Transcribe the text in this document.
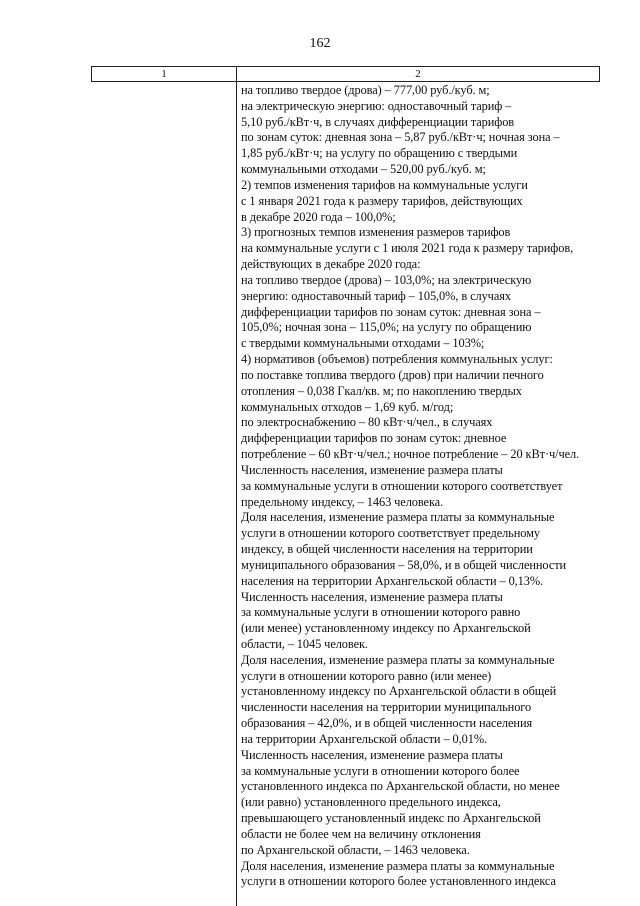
162
1	2
на топливо твердое (дрова) – 777,00 руб./куб. м;
на электрическую энергию: одноставочный тариф –
5,10 руб./кВт·ч, в случаях дифференциации тарифов
по зонам суток: дневная зона – 5,87 руб./кВт·ч; ночная зона –
1,85 руб./кВт·ч; на услугу по обращению с твердыми
коммунальными отходами – 520,00 руб./куб. м;
2) темпов изменения тарифов на коммунальные услуги
с 1 января 2021 года к размеру тарифов, действующих
в декабре 2020 года – 100,0%;
3) прогнозных темпов изменения размеров тарифов
на коммунальные услуги с 1 июля 2021 года к размеру тарифов,
действующих в декабре 2020 года:
на топливо твердое (дрова) – 103,0%; на электрическую
энергию: одноставочный тариф – 105,0%, в случаях
дифференциации тарифов по зонам суток: дневная зона –
105,0%; ночная зона – 115,0%; на услугу по обращению
с твердыми коммунальными отходами – 103%;
4) нормативов (объемов) потребления коммунальных услуг:
по поставке топлива твердого (дров) при наличии печного
отопления – 0,038 Гкал/кв. м; по накоплению твердых
коммунальных отходов – 1,69 куб. м/год;
по электроснабжению – 80 кВт·ч/чел., в случаях
дифференциации тарифов по зонам суток: дневное
потребление – 60 кВт·ч/чел.; ночное потребление – 20 кВт·ч/чел.
Численность населения, изменение размера платы
за коммунальные услуги в отношении которого соответствует
предельному индексу, – 1463 человека.
Доля населения, изменение размера платы за коммунальные
услуги в отношении которого соответствует предельному
индексу, в общей численности населения на территории
муниципального образования – 58,0%, и в общей численности
населения на территории Архангельской области – 0,13%.
Численность населения, изменение размера платы
за коммунальные услуги в отношении которого равно
(или менее) установленному индексу по Архангельской
области, – 1045 человек.
Доля населения, изменение размера платы за коммунальные
услуги в отношении которого равно (или менее)
установленному индексу по Архангельской области в общей
численности населения на территории муниципального
образования – 42,0%, и в общей численности населения
на территории Архангельской области – 0,01%.
Численность населения, изменение размера платы
за коммунальные услуги в отношении которого более
установленного индекса по Архангельской области, но менее
(или равно) установленного предельного индекса,
превышающего установленный индекс по Архангельской
области не более чем на величину отклонения
по Архангельской области, – 1463 человека.
Доля населения, изменение размера платы за коммунальные
услуги в отношении которого более установленного индекса
